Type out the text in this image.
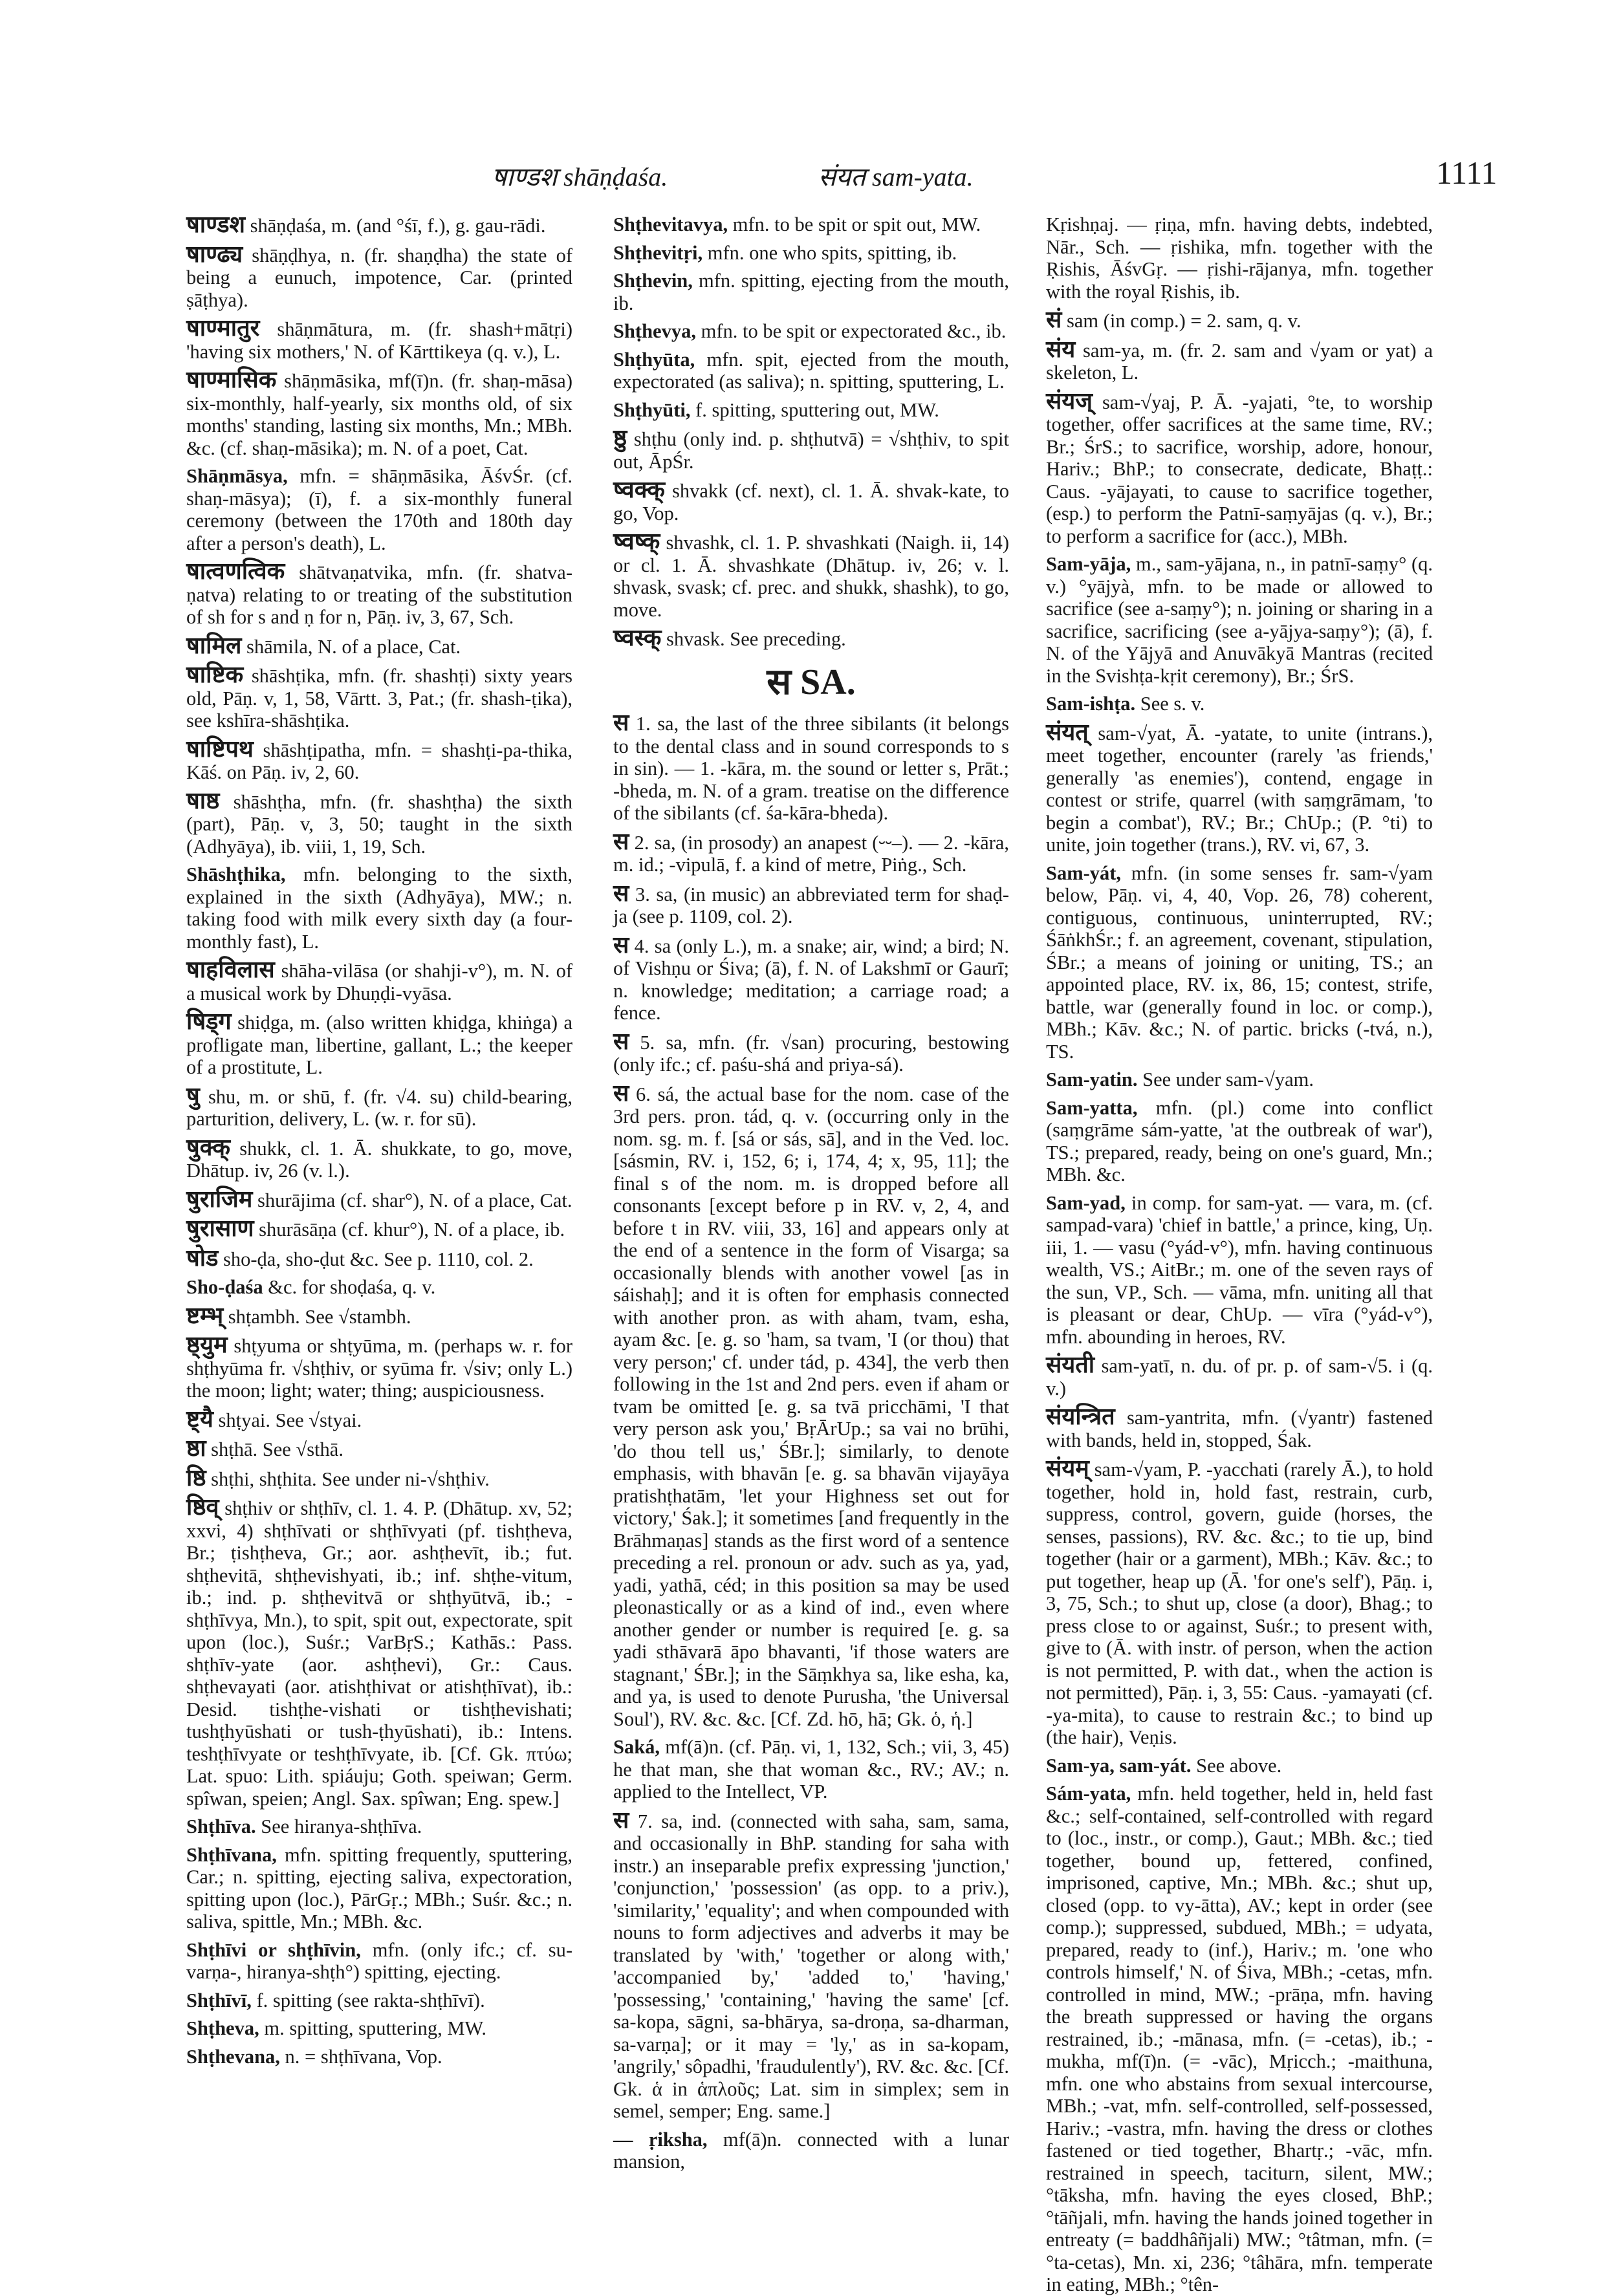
षाण्डश shāṇḍaśa.	संयत sam-yata.	1111

षाण्डश shāṇḍaśa, m. (and °śī, f.), g. gau-rādi.

षाण्ढ्य shāṇḍhya, n. (fr. shaṇḍha) the state of being a eunuch, impotence, Car. (printed ṣāṭhya).

षाण्मातुर shāṇmātura, m. (fr. shash+mātṛi) 'having six mothers,' N. of Kārttikeya (q. v.), L.

षाण्मासिक shāṇmāsika, mf(ī)n. (fr. shaṇ-māsa) six-monthly, half-yearly, six months old, of six months' standing, lasting six months, Mn.; MBh. &c. (cf. shaṇ-māsika); m. N. of a poet, Cat.

Shāṇmāsya, mfn. = shāṇmāsika, ĀśvŚr. (cf. shaṇ-māsya); (ī), f. a six-monthly funeral ceremony (between the 170th and 180th day after a person's death), L.

षात्वणत्विक shātvaṇatvika, mfn. (fr. shatva-ṇatva) relating to or treating of the substitution of sh for s and ṇ for n, Pāṇ. iv, 3, 67, Sch.

षामिल shāmila, N. of a place, Cat.

षाष्टिक shāshṭika, mfn. (fr. shashṭi) sixty years old, Pāṇ. v, 1, 58, Vārtt. 3, Pat.; (fr. shash-ṭika), see kshīra-shāshṭika.

षाष्टिपथ shāshṭipatha, mfn. = shashṭi-pa-thika, Kāś. on Pāṇ. iv, 2, 60.

षाष्ठ shāshṭha, mfn. (fr. shashṭha) the sixth (part), Pāṇ. v, 3, 50; taught in the sixth (Adhyāya), ib. viii, 1, 19, Sch.

Shāshṭhika, mfn. belonging to the sixth, explained in the sixth (Adhyāya), MW.; n. taking food with milk every sixth day (a four-monthly fast), L.

षाहविलास shāha-vilāsa (or shahji-v°), m. N. of a musical work by Dhuṇḍi-vyāsa.

षिड्ग shiḍga, m. (also written khiḍga, khiṅga) a profligate man, libertine, gallant, L.; the keeper of a prostitute, L.

षु shu, m. or shū, f. (fr. √4. su) child-bearing, parturition, delivery, L. (w. r. for sū).

षुक्क् shukk, cl. 1. Ā. shukkate, to go, move, Dhātup. iv, 26 (v. l.).

षुराजिम shurājima (cf. shar°), N. of a place, Cat.

षुरासाण shurāsāṇa (cf. khur°), N. of a place, ib.

षोड sho-ḍa, sho-ḍut &c. See p. 1110, col. 2.

Sho-ḍaśa &c. for shoḍaśa, q. v.

ष्टम्भ् shṭambh. See √stambh.

ष्ठ्युम shṭyuma or shṭyūma, m. (perhaps w. r. for shṭhyūma fr. √shṭhiv, or syūma fr. √siv; only L.) the moon; light; water; thing; auspiciousness.

ष्ट्यै shṭyai. See √styai.

ष्ठा shṭhā. See √sthā.

ष्ठि shṭhi, shṭhita. See under ni-√shṭhiv.

ष्ठिव् shṭhiv or shṭhīv, cl. 1. 4. P. (Dhātup. xv, 52; xxvi, 4) shṭhīvati or shṭhīvyati (pf. tishṭheva, Br.; ṭishṭheva, Gr.; aor. ashṭhevīt, ib.; fut. shṭhevitā, shṭhevishyati, ib.; inf. shṭhe-vitum, ib.; ind. p. shṭhevitvā or shṭhyūtvā, ib.; -shṭhīvya, Mn.), to spit, spit out, expectorate, spit upon (loc.), Suśr.; VarBṛS.; Kathās.: Pass. shṭhīv-yate (aor. ashṭhevi), Gr.: Caus. shṭhevayati (aor. atishṭhivat or atishṭhīvat), ib.: Desid. tishṭhe-vishati or tishṭhevishati; tushṭhyūshati or tush-ṭhyūshati), ib.: Intens. teshṭhīvyate or teshṭhīvyate, ib. [Cf. Gk. πτύω; Lat. spuo: Lith. spiáuju; Goth. speiwan; Germ. spîwan, speien; Angl. Sax. spîwan; Eng. spew.]

Shṭhīva. See hiranya-shṭhīva.

Shṭhīvana, mfn. spitting frequently, sputtering, Car.; n. spitting, ejecting saliva, expectoration, spitting upon (loc.), PārGṛ.; MBh.; Suśr. &c.; n. saliva, spittle, Mn.; MBh. &c.

Shṭhīvi or shṭhīvin, mfn. (only ifc.; cf. su-varṇa-, hiranya-shṭh°) spitting, ejecting.

Shṭhīvī, f. spitting (see rakta-shṭhīvī).

Shṭheva, m. spitting, sputtering, MW.

Shṭhevana, n. = shṭhīvana, Vop.

Shṭhevitavya, mfn. to be spit or spit out, MW.

Shṭhevitṛi, mfn. one who spits, spitting, ib.

Shṭhevin, mfn. spitting, ejecting from the mouth, ib.

Shṭhevya, mfn. to be spit or expectorated &c., ib.

Shṭhyūta, mfn. spit, ejected from the mouth, expectorated (as saliva); n. spitting, sputtering, L.

Shṭhyūti, f. spitting, sputtering out, MW.

ष्ठु shṭhu (only ind. p. shṭhutvā) = √shṭhiv, to spit out, ĀpŚr.

ष्वक्क् shvakk (cf. next), cl. 1. Ā. shvak-kate, to go, Vop.

ष्वष्क् shvashk, cl. 1. P. shvashkati (Naigh. ii, 14) or cl. 1. Ā. shvashkate (Dhātup. iv, 26; v. l. shvask, svask; cf. prec. and shukk, shashk), to go, move.

ष्वस्क् shvask. See preceding.

स SA.

स 1. sa, the last of the three sibilants (it belongs to the dental class and in sound corresponds to s in sin). — 1. -kāra, m. the sound or letter s, Prāt.; -bheda, m. N. of a gram. treatise on the difference of the sibilants (cf. śa-kāra-bheda).

स 2. sa, (in prosody) an anapest (⏑⏑–). — 2. -kāra, m. id.; -vipulā, f. a kind of metre, Piṅg., Sch.

स 3. sa, (in music) an abbreviated term for shaḍ-ja (see p. 1109, col. 2).

स 4. sa (only L.), m. a snake; air, wind; a bird; N. of Vishṇu or Śiva; (ā), f. N. of Lakshmī or Gaurī; n. knowledge; meditation; a carriage road; a fence.

स 5. sa, mfn. (fr. √san) procuring, bestowing (only ifc.; cf. paśu-shá and priya-sá).

स 6. sá, the actual base for the nom. case of the 3rd pers. pron. tád, q. v. (occurring only in the nom. sg. m. f. [sá or sás, sā], and in the Ved. loc. [sásmin, RV. i, 152, 6; i, 174, 4; x, 95, 11]; the final s of the nom. m. is dropped before all consonants [except before p in RV. v, 2, 4, and before t in RV. viii, 33, 16] and appears only at the end of a sentence in the form of Visarga; sa occasionally blends with another vowel [as in sáishaḥ]; and it is often for emphasis connected with another pron. as with aham, tvam, esha, ayam &c. [e. g. so 'ham, sa tvam, 'I (or thou) that very person;' cf. under tád, p. 434], the verb then following in the 1st and 2nd pers. even if aham or tvam be omitted [e. g. sa tvā pricchāmi, 'I that very person ask you,' BṛĀrUp.; sa vai no brūhi, 'do thou tell us,' ŚBr.]; similarly, to denote emphasis, with bhavān [e. g. sa bhavān vijayāya pratishṭhatām, 'let your Highness set out for victory,' Śak.]; it sometimes [and frequently in the Brāhmaṇas] stands as the first word of a sentence preceding a rel. pronoun or adv. such as ya, yad, yadi, yathā, céd; in this position sa may be used pleonastically or as a kind of ind., even where another gender or number is required [e. g. sa yadi sthāvarā āpo bhavanti, 'if those waters are stagnant,' ŚBr.]; in the Sāṃkhya sa, like esha, ka, and ya, is used to denote Purusha, 'the Universal Soul'), RV. &c. &c. [Cf. Zd. hō, hā; Gk. ὁ, ἡ.]

Saká, mf(ā)n. (cf. Pāṇ. vi, 1, 132, Sch.; vii, 3, 45) he that man, she that woman &c., RV.; AV.; n. applied to the Intellect, VP.

स 7. sa, ind. (connected with saha, sam, sama, and occasionally in BhP. standing for saha with instr.) an inseparable prefix expressing 'junction,' 'conjunction,' 'possession' (as opp. to a priv.), 'similarity,' 'equality'; and when compounded with nouns to form adjectives and adverbs it may be translated by 'with,' 'together or along with,' 'accompanied by,' 'added to,' 'having,' 'possessing,' 'containing,' 'having the same' [cf. sa-kopa, sāgni, sa-bhārya, sa-droṇa, sa-dharman, sa-varṇa]; or it may = 'ly,' as in sa-kopam, 'angrily,' sôpadhi, 'fraudulently'), RV. &c. &c. [Cf. Gk. ἁ in ἁπλοῦς; Lat. sim in simplex; sem in semel, semper; Eng. same.]

— ṛiksha, mf(ā)n. connected with a lunar mansion,

Kṛishṇaj. — ṛiṇa, mfn. having debts, indebted, Nār., Sch. — ṛishika, mfn. together with the Ṛishis, ĀśvGṛ. — ṛishi-rājanya, mfn. together with the royal Ṛishis, ib.

सं sam (in comp.) = 2. sam, q. v.

संय sam-ya, m. (fr. 2. sam and √yam or yat) a skeleton, L.

संयज् sam-√yaj, P. Ā. -yajati, °te, to worship together, offer sacrifices at the same time, RV.; Br.; ŚrS.; to sacrifice, worship, adore, honour, Hariv.; BhP.; to consecrate, dedicate, Bhaṭṭ.: Caus. -yājayati, to cause to sacrifice together, (esp.) to perform the Patnī-saṃyājas (q. v.), Br.; to perform a sacrifice for (acc.), MBh.

Sam-yāja, m., sam-yājana, n., in patnī-saṃy° (q. v.) °yājyà, mfn. to be made or allowed to sacrifice (see a-saṃy°); n. joining or sharing in a sacrifice, sacrificing (see a-yājya-saṃy°); (ā), f. N. of the Yājyā and Anuvākyā Mantras (recited in the Svishṭa-kṛit ceremony), Br.; ŚrS.

Sam-ishṭa. See s. v.

संयत् sam-√yat, Ā. -yatate, to unite (intrans.), meet together, encounter (rarely 'as friends,' generally 'as enemies'), contend, engage in contest or strife, quarrel (with saṃgrāmam, 'to begin a combat'), RV.; Br.; ChUp.; (P. °ti) to unite, join together (trans.), RV. vi, 67, 3.

Sam-yát, mfn. (in some senses fr. sam-√yam below, Pāṇ. vi, 4, 40, Vop. 26, 78) coherent, contiguous, continuous, uninterrupted, RV.; ŚāṅkhŚr.; f. an agreement, covenant, stipulation, ŚBr.; a means of joining or uniting, TS.; an appointed place, RV. ix, 86, 15; contest, strife, battle, war (generally found in loc. or comp.), MBh.; Kāv. &c.; N. of partic. bricks (-tvá, n.), TS.

Sam-yatin. See under sam-√yam.

Sam-yatta, mfn. (pl.) come into conflict (saṃgrāme sám-yatte, 'at the outbreak of war'), TS.; prepared, ready, being on one's guard, Mn.; MBh. &c.

Sam-yad, in comp. for sam-yat. — vara, m. (cf. sampad-vara) 'chief in battle,' a prince, king, Uṇ. iii, 1. — vasu (°yád-v°), mfn. having continuous wealth, VS.; AitBr.; m. one of the seven rays of the sun, VP., Sch. — vāma, mfn. uniting all that is pleasant or dear, ChUp. — vīra (°yád-v°), mfn. abounding in heroes, RV.

संयती sam-yatī, n. du. of pr. p. of sam-√5. i (q. v.)

संयन्त्रित sam-yantrita, mfn. (√yantr) fastened with bands, held in, stopped, Śak.

संयम् sam-√yam, P. -yacchati (rarely Ā.), to hold together, hold in, hold fast, restrain, curb, suppress, control, govern, guide (horses, the senses, passions), RV. &c. &c.; to tie up, bind together (hair or a garment), MBh.; Kāv. &c.; to put together, heap up (Ā. 'for one's self'), Pāṇ. i, 3, 75, Sch.; to shut up, close (a door), Bhag.; to press close to or against, Suśr.; to present with, give to (Ā. with instr. of person, when the action is not permitted, P. with dat., when the action is not permitted), Pāṇ. i, 3, 55: Caus. -yamayati (cf. -ya-mita), to cause to restrain &c.; to bind up (the hair), Veṇis.

Sam-ya, sam-yát. See above.

Sám-yata, mfn. held together, held in, held fast &c.; self-contained, self-controlled with regard to (loc., instr., or comp.), Gaut.; MBh. &c.; tied together, bound up, fettered, confined, imprisoned, captive, Mn.; MBh. &c.; shut up, closed (opp. to vy-ātta), AV.; kept in order (see comp.); suppressed, subdued, MBh.; = udyata, prepared, ready to (inf.), Hariv.; m. 'one who controls himself,' N. of Śiva, MBh.; -cetas, mfn. controlled in mind, MW.; -prāṇa, mfn. having the breath suppressed or having the organs restrained, ib.; -mānasa, mfn. (= -cetas), ib.; -mukha, mf(ī)n. (= -vāc), Mṛicch.; -maithuna, mfn. one who abstains from sexual intercourse, MBh.; -vat, mfn. self-controlled, self-possessed, Hariv.; -vastra, mfn. having the dress or clothes fastened or tied together, Bhartṛ.; -vāc, mfn. restrained in speech, taciturn, silent, MW.; °tāksha, mfn. having the eyes closed, BhP.; °tāñjali, mfn. having the hands joined together in entreaty (= baddhâñjali) MW.; °tâtman, mfn. (= °ta-cetas), Mn. xi, 236; °tâhāra, mfn. temperate in eating, MBh.; °tên-
